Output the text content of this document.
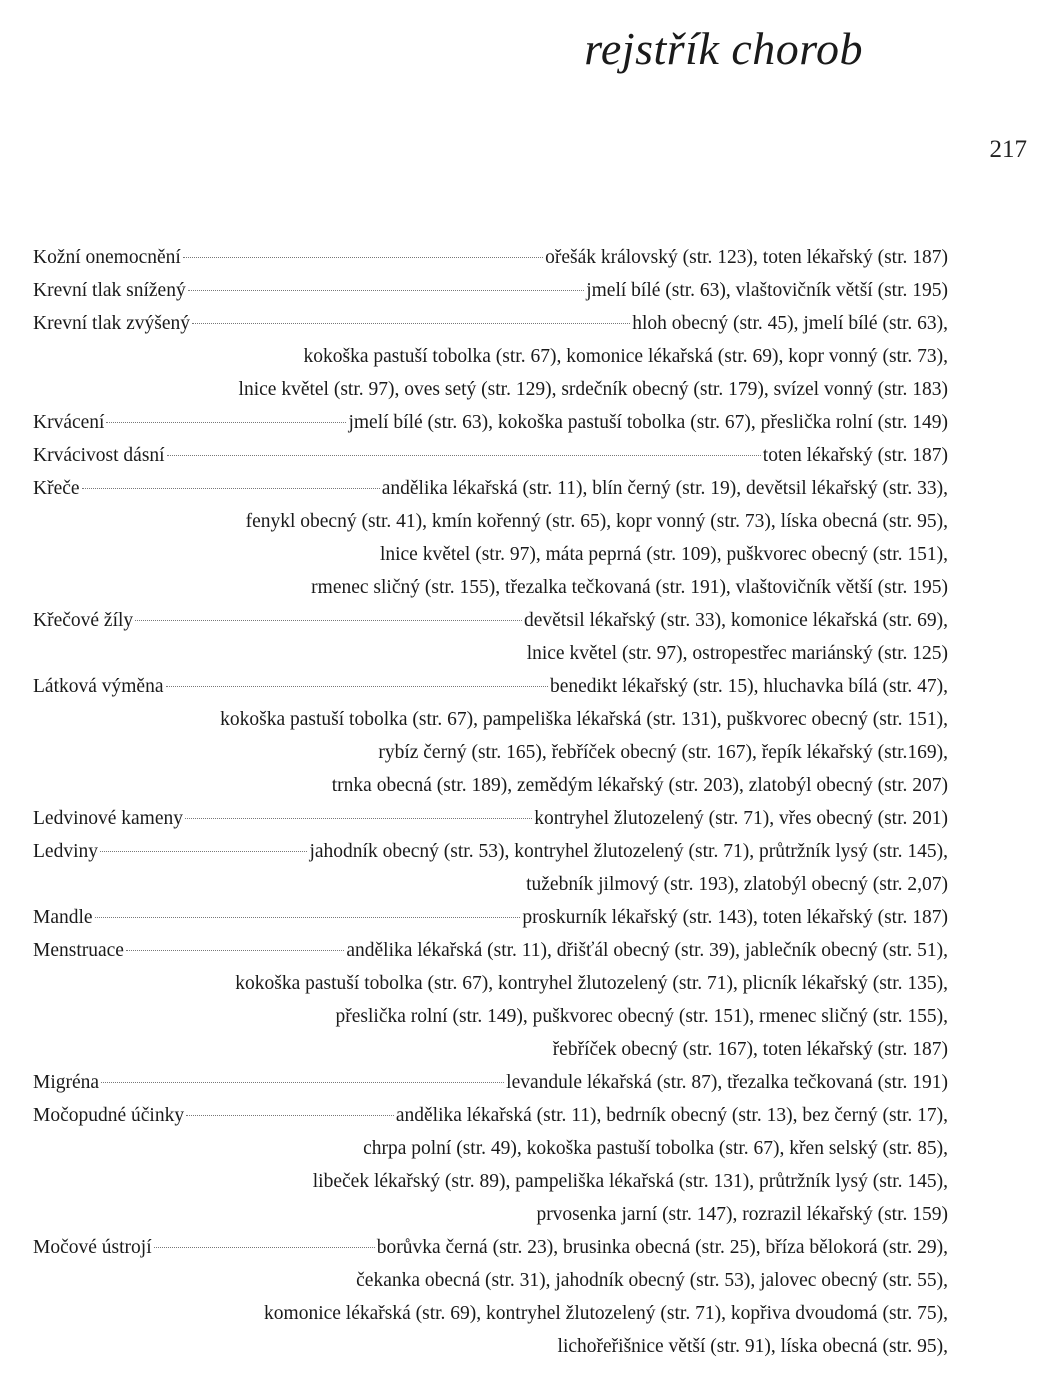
rejstřík chorob
217
Kožní onemocnění	ořešák královský (str. 123), toten lékařský (str. 187)
Krevní tlak snížený	jmelí bílé (str. 63), vlaštovičník větší (str. 195)
Krevní tlak zvýšený	hloh obecný (str. 45), jmelí bílé (str. 63),
kokoška pastuší tobolka (str. 67), komonice lékařská (str. 69), kopr vonný (str. 73),
lnice květel (str. 97), oves setý (str. 129), srdečník obecný (str. 179), svízel vonný (str. 183)
Krvácení	jmelí bílé (str. 63), kokoška pastuší tobolka (str. 67), přeslička rolní (str. 149)
Krvácivost dásní	toten lékařský (str. 187)
Křeče	andělika lékařská (str. 11), blín černý (str. 19), devětsil lékařský (str. 33),
fenykl obecný (str. 41), kmín kořenný (str. 65), kopr vonný (str. 73), líska obecná (str. 95),
lnice květel (str. 97), máta peprná (str. 109), puškvorec obecný (str. 151),
rmenec sličný (str. 155), třezalka tečkovaná (str. 191), vlaštovičník větší (str. 195)
Křečové žíly	devětsil lékařský (str. 33), komonice lékařská (str. 69),
lnice květel (str. 97), ostropestřec mariánský (str. 125)
Látková výměna	benedikt lékařský (str. 15), hluchavka bílá (str. 47),
kokoška pastuší tobolka (str. 67), pampeliška lékařská (str. 131), puškvorec obecný (str. 151),
rybíz černý (str. 165), řebříček obecný (str. 167), řepík lékařský (str.169),
trnka obecná (str. 189), zemědým lékařský (str. 203), zlatobýl obecný (str. 207)
Ledvinové kameny	kontryhel žlutozelený (str. 71), vřes obecný (str. 201)
Ledviny	jahodník obecný (str. 53), kontryhel žlutozelený (str. 71), průtržník lysý (str. 145),
tužebník jilmový (str. 193), zlatobýl obecný (str. 2,07)
Mandle	proskurník lékařský (str. 143), toten lékařský (str. 187)
Menstruace	andělika lékařská (str. 11), dřišťál obecný (str. 39), jablečník obecný (str. 51),
kokoška pastuší tobolka (str. 67), kontryhel žlutozelený (str. 71), plicník lékařský (str. 135),
přeslička rolní (str. 149), puškvorec obecný (str. 151), rmenec sličný (str. 155),
řebříček obecný (str. 167), toten lékařský (str. 187)
Migréna	levandule lékařská (str. 87), třezalka tečkovaná (str. 191)
Močopudné účinky	andělika lékařská (str. 11), bedrník obecný (str. 13), bez černý (str. 17),
chrpa polní (str. 49), kokoška pastuší tobolka (str. 67), křen selský (str. 85),
libeček lékařský (str. 89), pampeliška lékařská (str. 131), průtržník lysý (str. 145),
prvosenka jarní (str. 147), rozrazil lékařský (str. 159)
Močové ústrojí	borůvka černá (str. 23), brusinka obecná (str. 25), bříza bělokorá (str. 29),
čekanka obecná (str. 31), jahodník obecný (str. 53), jalovec obecný (str. 55),
komonice lékařská (str. 69), kontryhel žlutozelený (str. 71), kopřiva dvoudomá (str. 75),
lichořeřišnice větší (str. 91), líska obecná (str. 95),
